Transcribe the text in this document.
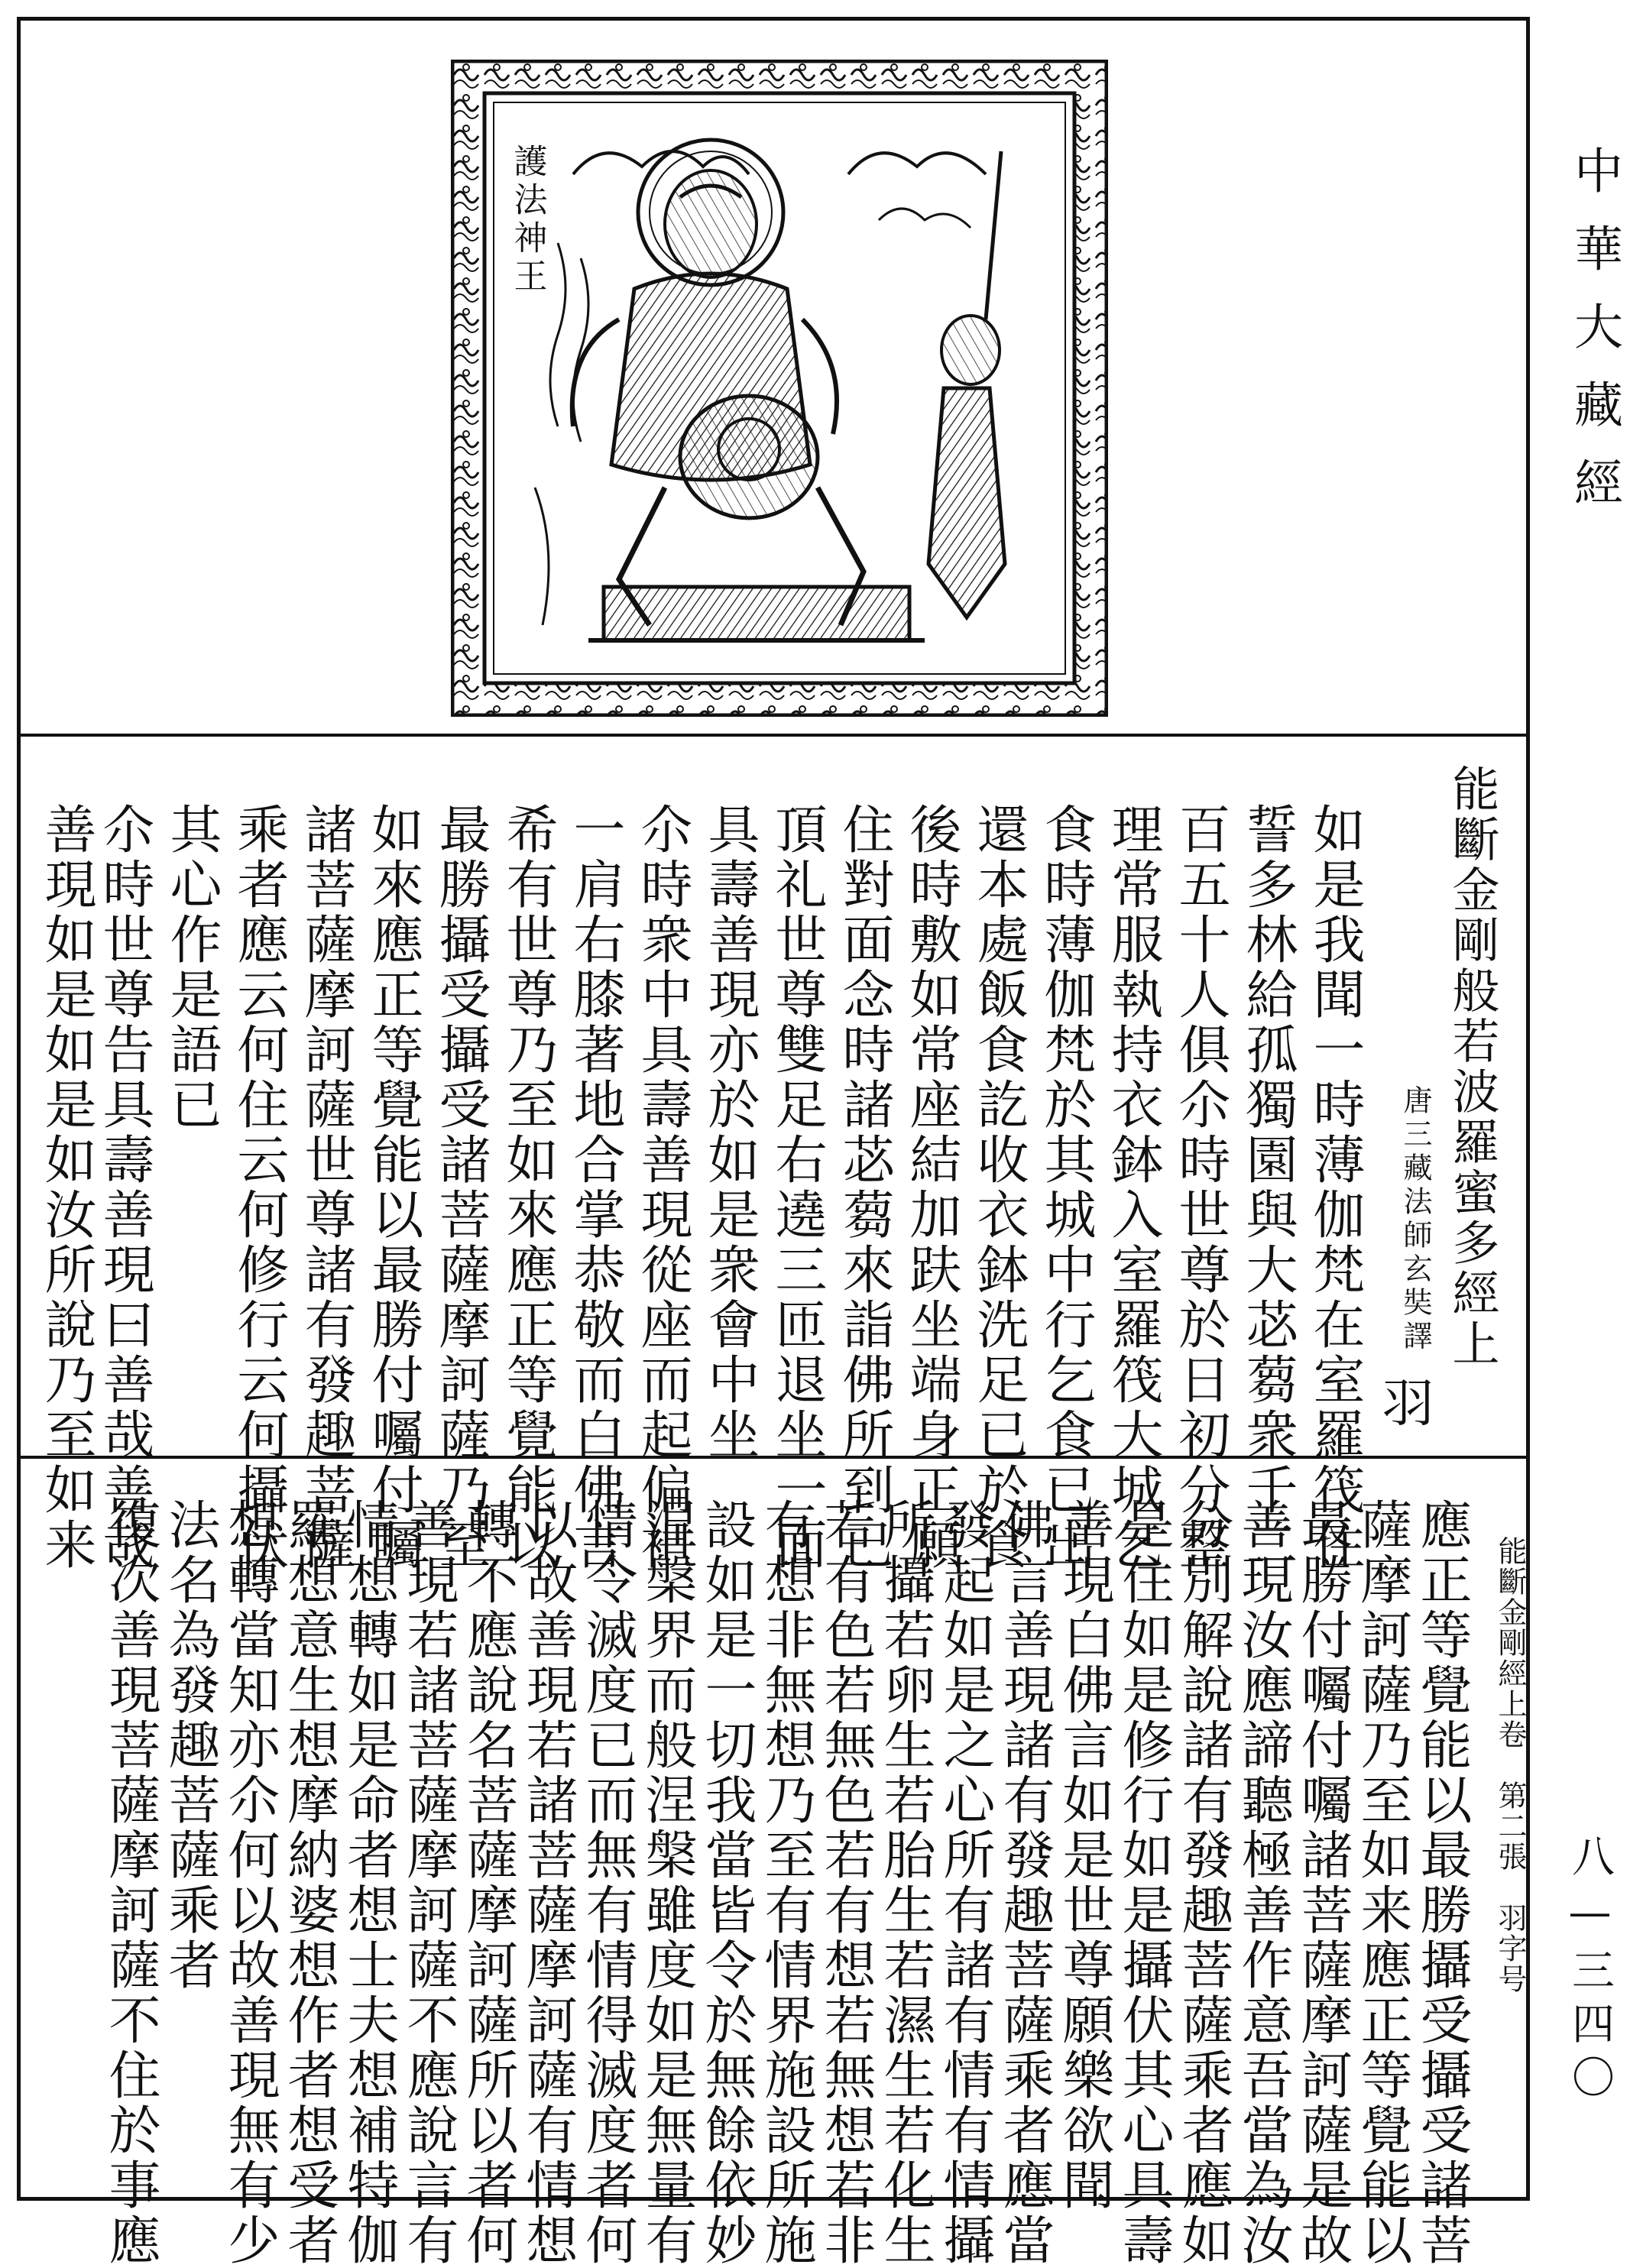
護法神王
能斷金剛般若波羅蜜多經上
唐三藏法師玄奘譯
羽
如是我聞一時薄伽梵在室羅筏住
誓多林給孤獨園與大苾蒭衆千二
百五十人俱尒時世尊於日初分整
理常服執持衣鉢入室羅筏大城乞
食時薄伽梵於其城中行乞食已出
還本處飯食訖收衣鉢洗足已於食
後時敷如常座結加趺坐端身正願
住對面念時諸苾蒭來詣佛所到已
頂礼世尊雙足右遶三匝退坐一面
具壽善現亦於如是衆會中坐
尒時衆中具壽善現從座而起偏袒
一肩右膝著地合掌恭敬而白佛言
希有世尊乃至如來應正等覺能以
最勝攝受攝受諸菩薩摩訶薩乃至
如來應正等覺能以最勝付囑付囑
諸菩薩摩訶薩世尊諸有發趣菩薩
乘者應云何住云何修行云何攝伏
其心作是語已
尒時世尊告具壽善現曰善哉善哉
善現如是如是如汝所說乃至如来
能斷金剛經上卷　第二張　羽字号
應正等覺能以最勝攝受攝受諸菩
薩摩訶薩乃至如来應正等覺能以
最勝付囑付囑諸菩薩摩訶薩是故
善現汝應諦聽極善作意吾當為汝
分別解說諸有發趣菩薩乘者應如
是住如是修行如是攝伏其心具壽
善現白佛言如是世尊願樂欲聞
佛言善現諸有發趣菩薩乘者應當
發起如是之心所有諸有情有情攝
所攝若卵生若胎生若濕生若化生
若有色若無色若有想若無想若非
有想非無想乃至有情界施設所施
設如是一切我當皆令於無餘依妙
涅槃界而般涅槃雖度如是無量有
情令滅度已而無有情得滅度者何
以故善現若諸菩薩摩訶薩有情想
轉不應說名菩薩摩訶薩所以者何
善現若諸菩薩摩訶薩不應說言有
情想轉如是命者想士夫想補特伽
羅想意生想摩納婆想作者想受者
想轉當知亦尒何以故善現無有少
法名為發趣菩薩乘者
復次善現菩薩摩訶薩不住於事應
中華大藏經
八—三四〇
